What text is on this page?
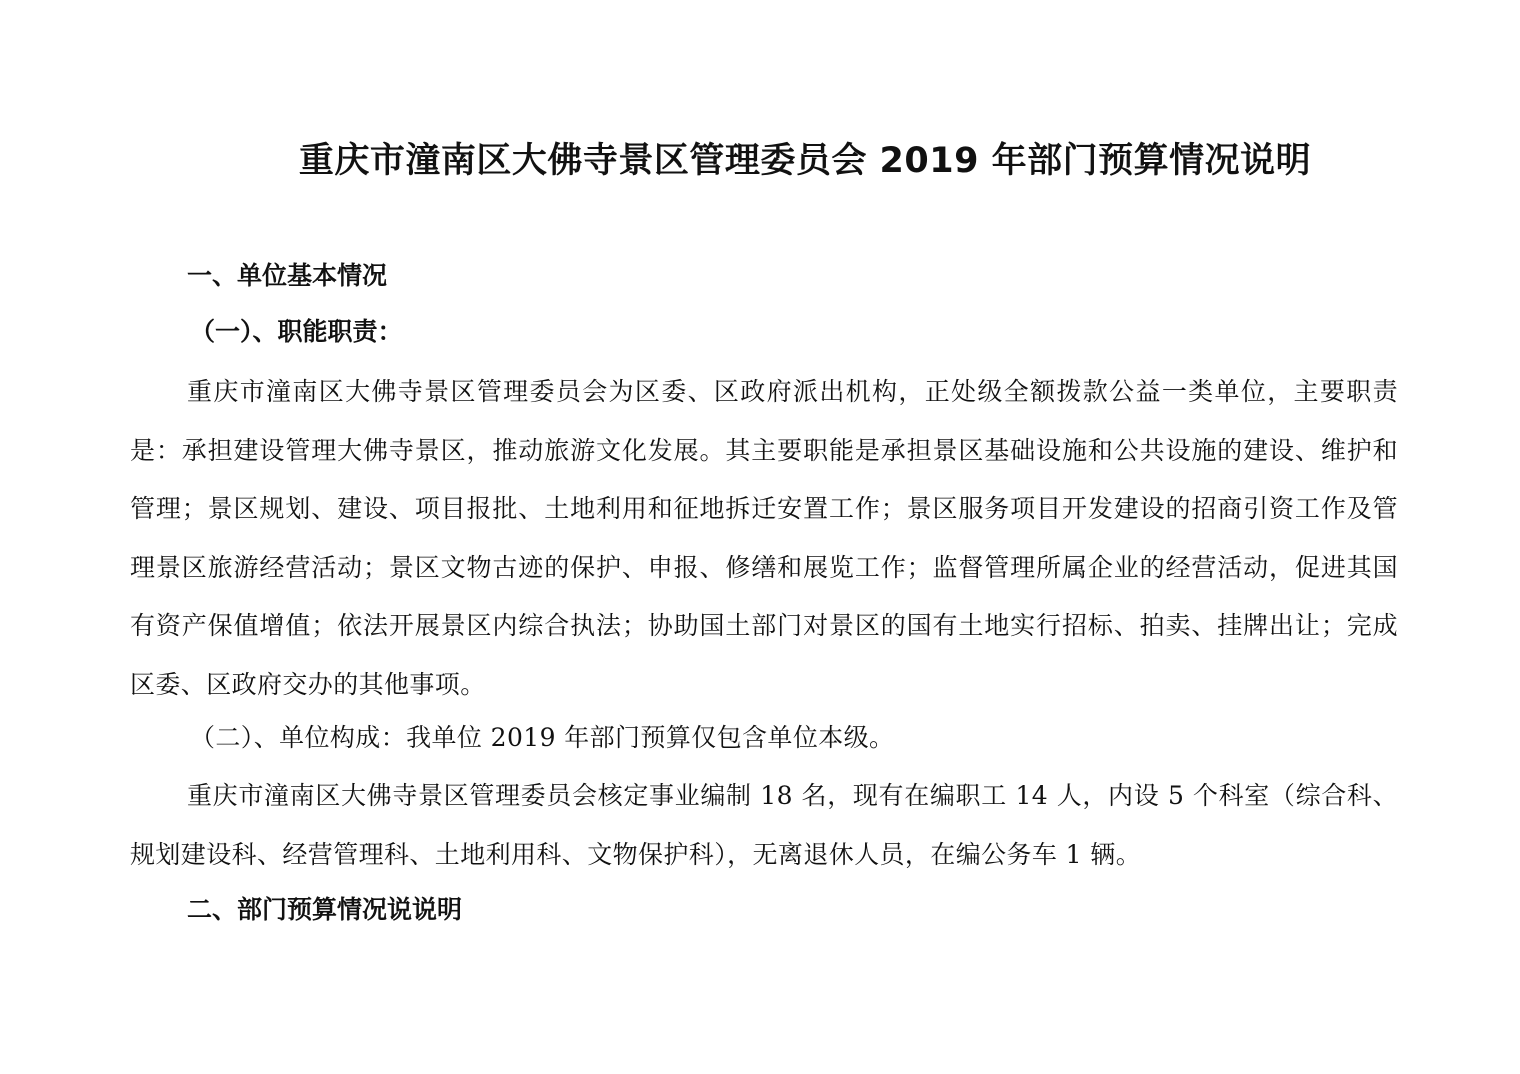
重庆市潼南区大佛寺景区管理委员会 2019 年部门预算情况说明
一、单位基本情况
（一）、职能职责：

重庆市潼南区大佛寺景区管理委员会为区委、区政府派出机构，正处级全额拨款公益一类单位，主要职责是：承担建设管理大佛寺景区，推动旅游文化发展。其主要职能是承担景区基础设施和公共设施的建设、维护和管理；景区规划、建设、项目报批、土地利用和征地拆迁安置工作；景区服务项目开发建设的招商引资工作及管理景区旅游经营活动；景区文物古迹的保护、申报、修缮和展览工作；监督管理所属企业的经营活动，促进其国有资产保值增值；依法开展景区内综合执法；协助国土部门对景区的国有土地实行招标、拍卖、挂牌出让；完成区委、区政府交办的其他事项。

（二）、单位构成：我单位 2019 年部门预算仅包含单位本级。

重庆市潼南区大佛寺景区管理委员会核定事业编制 18 名，现有在编职工 14 人，内设 5 个科室（综合科、规划建设科、经营管理科、土地利用科、文物保护科），无离退休人员，在编公务车 1 辆。

二、部门预算情况说说明
